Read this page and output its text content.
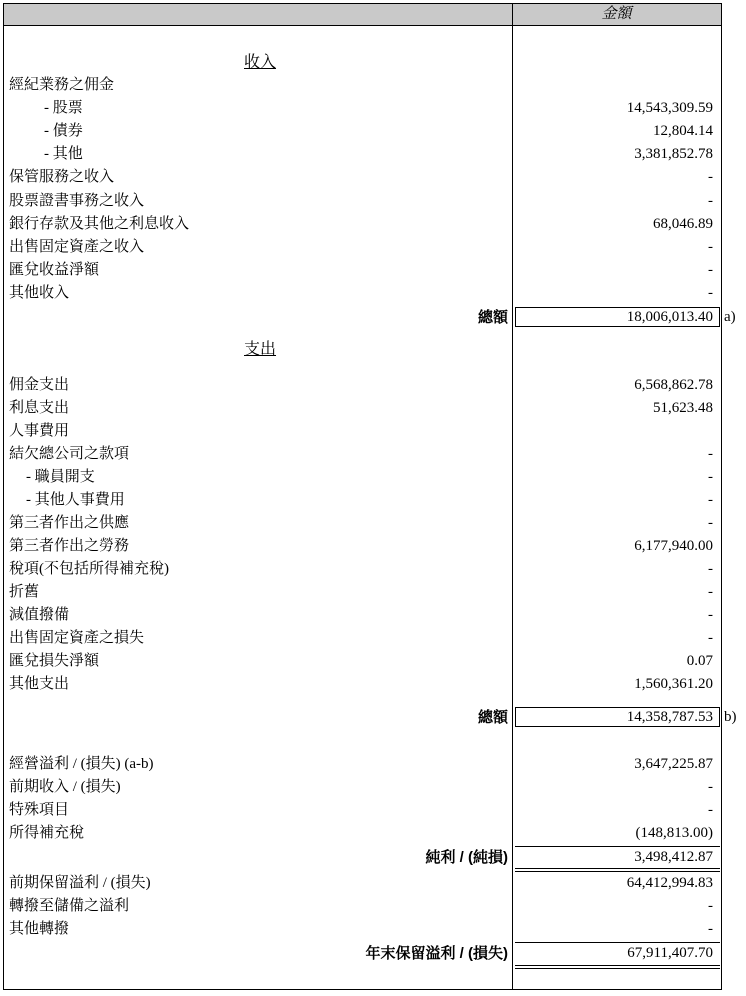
金額
收入
經紀業務之佣金
- 股票	14,543,309.59
- 債券	12,804.14
- 其他	3,381,852.78
保管服務之收入	-
股票證書事務之收入	-
銀行存款及其他之利息收入	68,046.89
出售固定資產之收入	-
匯兌收益淨額	-
其他收入	-
總額	18,006,013.40 a)
支出
佣金支出	6,568,862.78
利息支出	51,623.48
人事費用
結欠總公司之款項	-
- 職員開支	-
- 其他人事費用	-
第三者作出之供應	-
第三者作出之勞務	6,177,940.00
稅項(不包括所得補充稅)	-
折舊	-
減值撥備	-
出售固定資產之損失	-
匯兌損失淨額	0.07
其他支出	1,560,361.20
總額	14,358,787.53 b)
經營溢利 / (損失) (a-b)	3,647,225.87
前期收入 / (損失)	-
特殊項目	-
所得補充稅	(148,813.00)
純利 / (純損)	3,498,412.87
前期保留溢利 / (損失)	64,412,994.83
轉撥至儲備之溢利	-
其他轉撥	-
年末保留溢利 / (損失)	67,911,407.70
